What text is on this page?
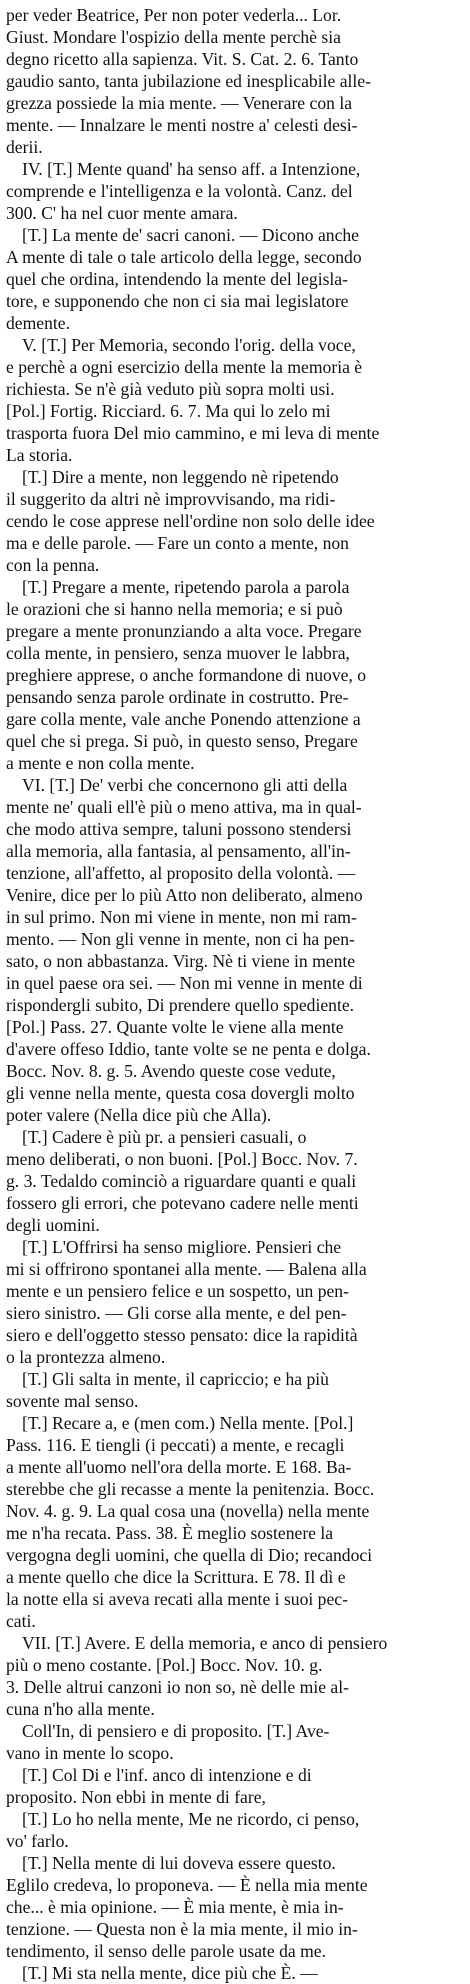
per veder Beatrice, Per non poter vederla... Lor.
Giust. Mondare l'ospizio della mente perchè sia
degno ricetto alla sapienza. Vit. S. Cat. 2. 6. Tanto
gaudio santo, tanta jubilazione ed inesplicabile alle-
grezza possiede la mia mente. — Venerare con la
mente. — Innalzare le menti nostre a' celesti desi-
derii.
IV. [T.] Mente quand' ha senso aff. a Intenzione,
comprende e l'intelligenza e la volontà. Canz. del
300. C' ha nel cuor mente amara.
[T.] La mente de' sacri canoni. — Dicono anche
A mente di tale o tale articolo della legge, secondo
quel che ordina, intendendo la mente del legisla-
tore, e supponendo che non ci sia mai legislatore
demente.
V. [T.] Per Memoria, secondo l'orig. della voce,
e perchè a ogni esercizio della mente la memoria è
richiesta. Se n'è già veduto più sopra molti usi.
[Pol.] Fortig. Ricciard. 6. 7. Ma qui lo zelo mi
trasporta fuora Del mio cammino, e mi leva di mente
La storia.
[T.] Dire a mente, non leggendo nè ripetendo
il suggerito da altri nè improvvisando, ma ridi-
cendo le cose apprese nell'ordine non solo delle idee
ma e delle parole. — Fare un conto a mente, non
con la penna.
[T.] Pregare a mente, ripetendo parola a parola
le orazioni che si hanno nella memoria; e si può
pregare a mente pronunziando a alta voce. Pregare
colla mente, in pensiero, senza muover le labbra,
preghiere apprese, o anche formandone di nuove, o
pensando senza parole ordinate in costrutto. Pre-
gare colla mente, vale anche Ponendo attenzione a
quel che si prega. Si può, in questo senso, Pregare
a mente e non colla mente.
VI. [T.] De' verbi che concernono gli atti della
mente ne' quali ell'è più o meno attiva, ma in qual-
che modo attiva sempre, taluni possono stendersi
alla memoria, alla fantasia, al pensamento, all'in-
tenzione, all'affetto, al proposito della volontà. —
Venire, dice per lo più Atto non deliberato, almeno
in sul primo. Non mi viene in mente, non mi ram-
mento. — Non gli venne in mente, non ci ha pen-
sato, o non abbastanza. Virg. Nè ti viene in mente
in quel paese ora sei. — Non mi venne in mente di
rispondergli subito, Di prendere quello spediente.
[Pol.] Pass. 27. Quante volte le viene alla mente
d'avere offeso Iddio, tante volte se ne penta e dolga.
Bocc. Nov. 8. g. 5. Avendo queste cose vedute,
gli venne nella mente, questa cosa dovergli molto
poter valere (Nella dice più che Alla).
[T.] Cadere è più pr. a pensieri casuali, o
meno deliberati, o non buoni. [Pol.] Bocc. Nov. 7.
g. 3. Tedaldo cominciò a riguardare quanti e quali
fossero gli errori, che potevano cadere nelle menti
degli uomini.
[T.] L'Offrirsi ha senso migliore. Pensieri che
mi si offrirono spontanei alla mente. — Balena alla
mente e un pensiero felice e un sospetto, un pen-
siero sinistro. — Gli corse alla mente, e del pen-
siero e dell'oggetto stesso pensato: dice la rapidità
o la prontezza almeno.
[T.] Gli salta in mente, il capriccio; e ha più
sovente mal senso.
[T.] Recare a, e (men com.) Nella mente. [Pol.]
Pass. 116. E tiengli (i peccati) a mente, e recagli
a mente all'uomo nell'ora della morte. E 168. Ba-
sterebbe che gli recasse a mente la penitenzia. Bocc.
Nov. 4. g. 9. La qual cosa una (novella) nella mente
me n'ha recata. Pass. 38. È meglio sostenere la
vergogna degli uomini, che quella di Dio; recandoci
a mente quello che dice la Scrittura. E 78. Il dì e
la notte ella si aveva recati alla mente i suoi pec-
cati.
VII. [T.] Avere. E della memoria, e anco di pensiero
più o meno costante. [Pol.] Bocc. Nov. 10. g.
3. Delle altrui canzoni io non so, nè delle mie al-
cuna n'ho alla mente.
Coll'In, di pensiero e di proposito. [T.] Ave-
vano in mente lo scopo.
[T.] Col Di e l'inf. anco di intenzione e di
proposito. Non ebbi in mente di fare,
[T.] Lo ho nella mente, Me ne ricordo, ci penso,
vo' farlo.
[T.] Nella mente di lui doveva essere questo.
Eglilo credeva, lo proponeva. — È nella mia mente
che... è mia opinione. — È mia mente, è mia in-
tenzione. — Questa non è la mia mente, il mio in-
tendimento, il senso delle parole usate da me.
[T.] Mi sta nella mente, dice più che È. —
